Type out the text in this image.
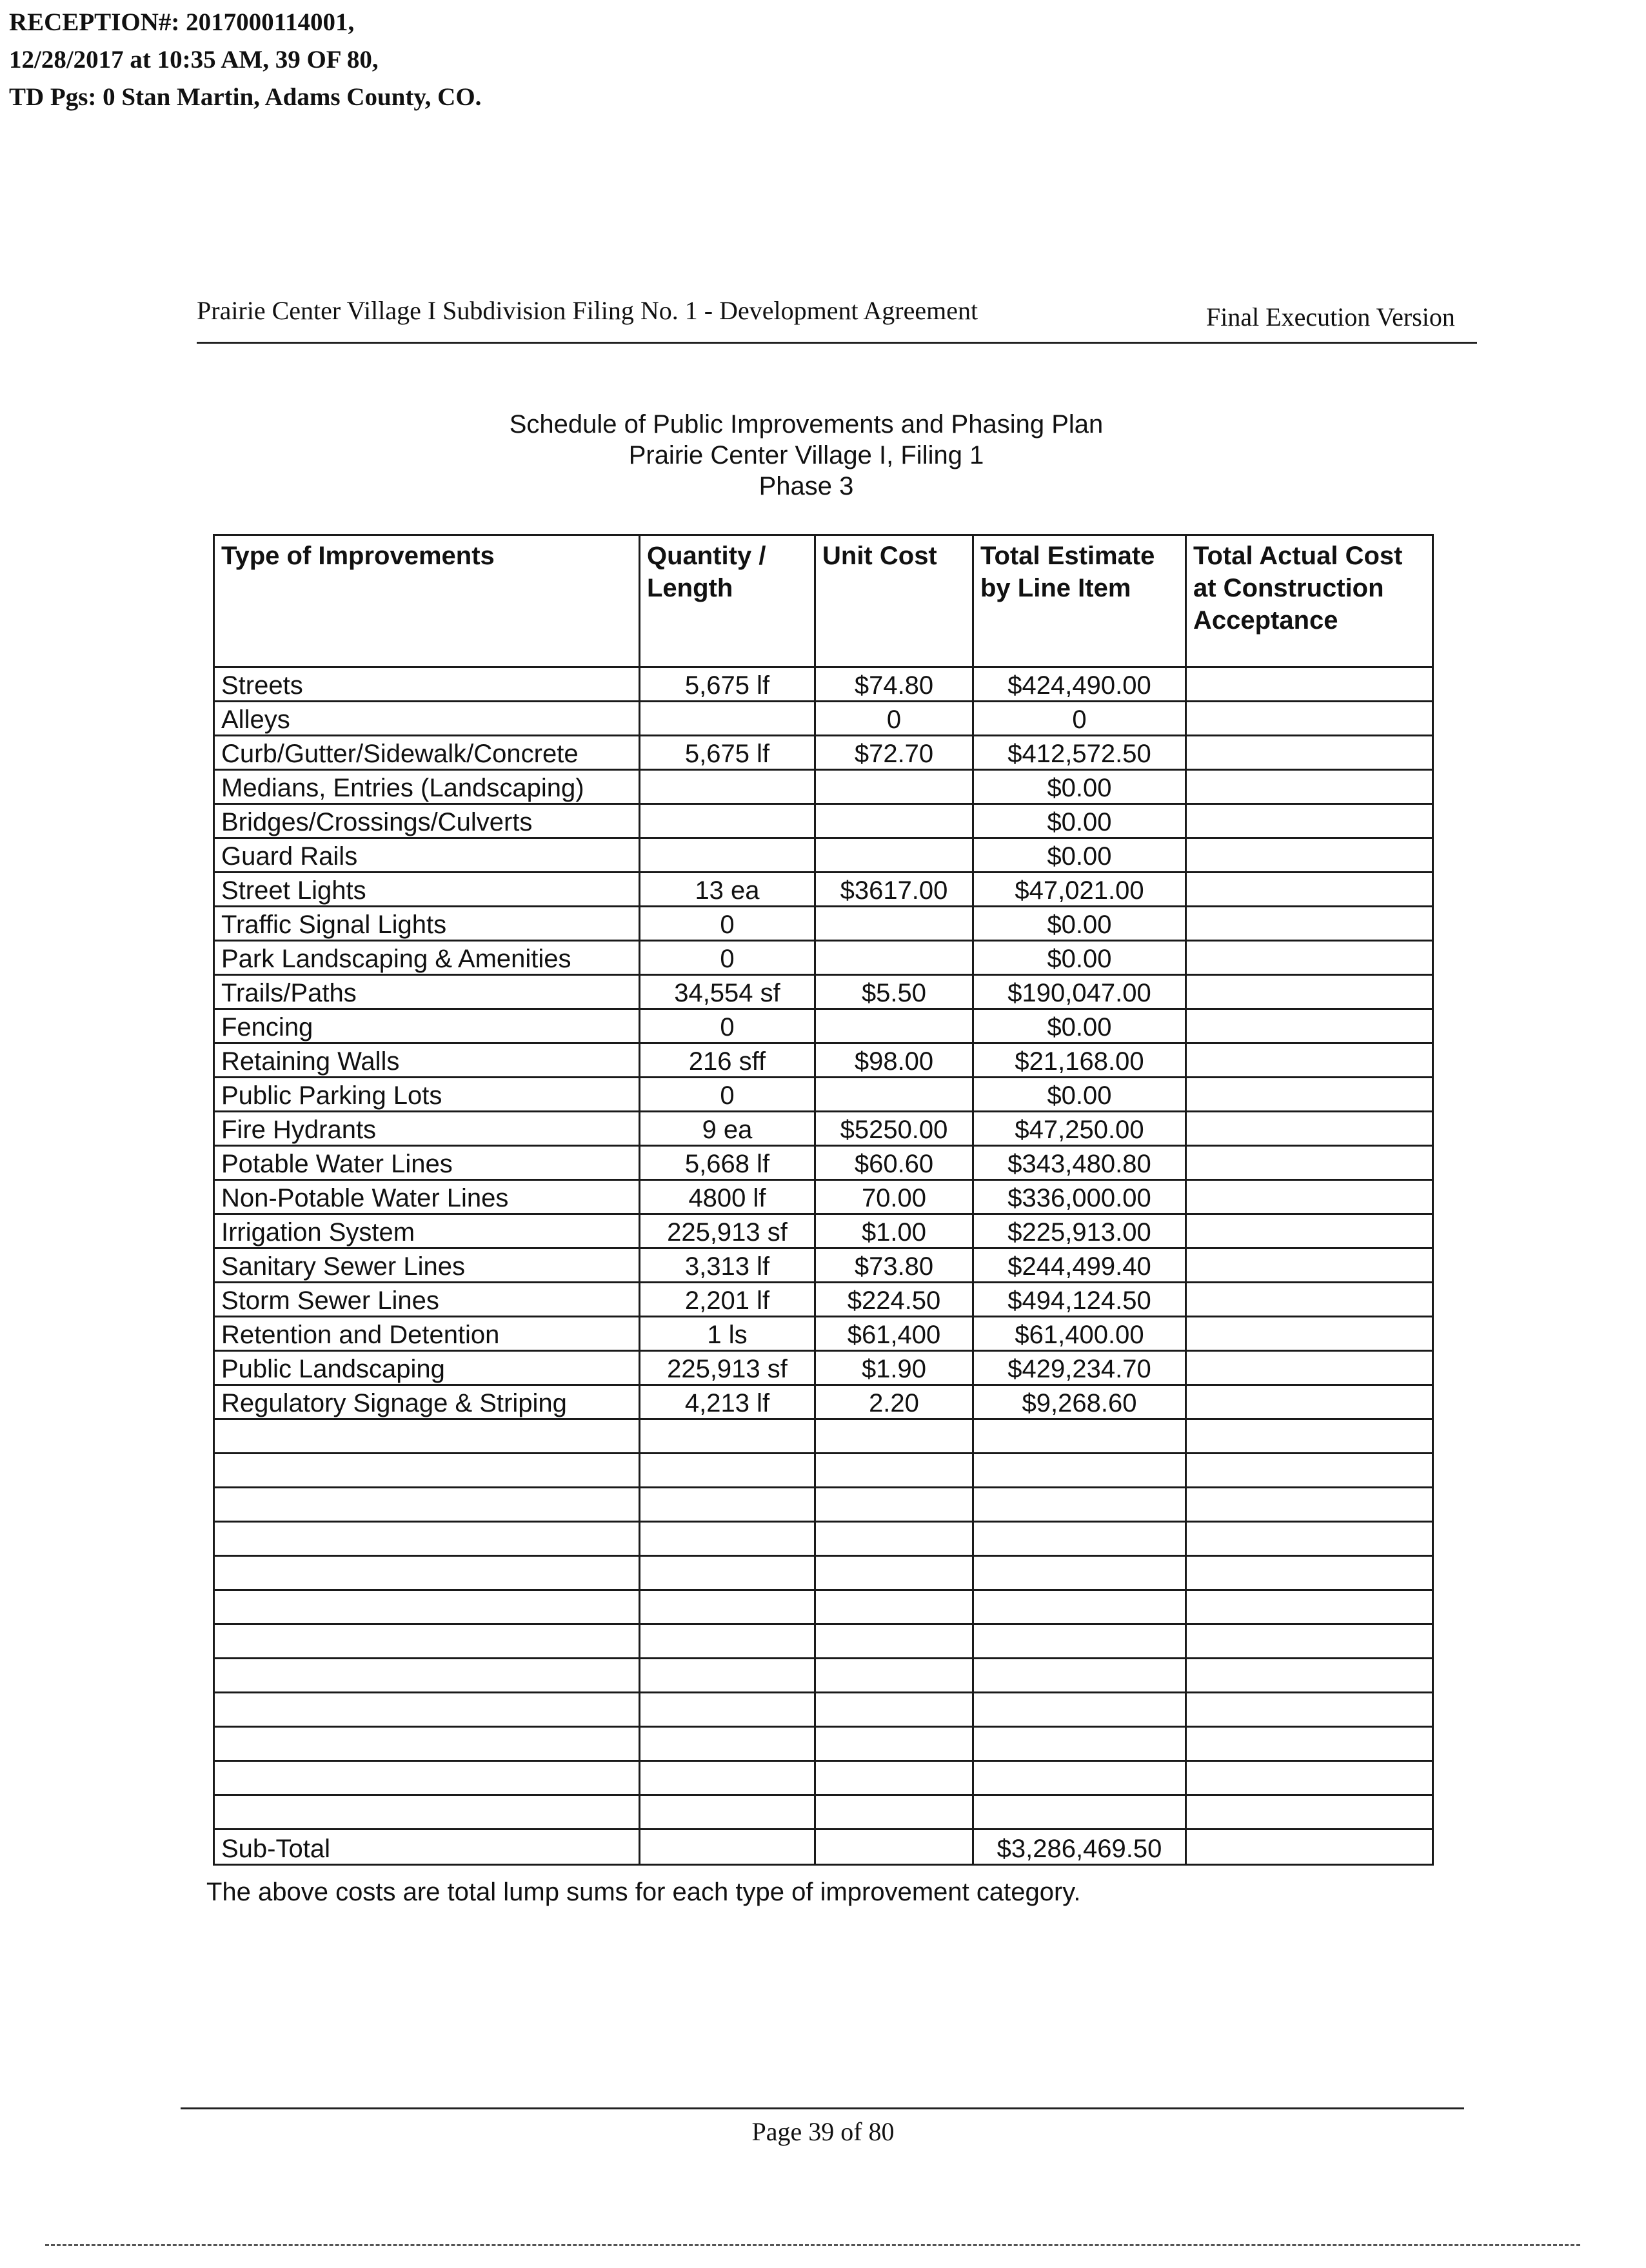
RECEPTION#: 2017000114001,
12/28/2017 at 10:35 AM, 39 OF 80,
TD Pgs: 0 Stan Martin, Adams County, CO.
Prairie Center Village I Subdivision Filing No. 1 - Development Agreement	Final Execution Version
Schedule of Public Improvements and Phasing Plan
Prairie Center Village I, Filing 1
Phase 3
Type of Improvements	Quantity / Length	Unit Cost	Total Estimate by Line Item	Total Actual Cost at Construction Acceptance
Streets	5,675 lf	$74.80	$424,490.00	
Alleys		0	0	
Curb/Gutter/Sidewalk/Concrete	5,675 lf	$72.70	$412,572.50	
Medians, Entries (Landscaping)			$0.00	
Bridges/Crossings/Culverts			$0.00	
Guard Rails			$0.00	
Street Lights	13 ea	$3617.00	$47,021.00	
Traffic Signal Lights	0		$0.00	
Park Landscaping & Amenities	0		$0.00	
Trails/Paths	34,554 sf	$5.50	$190,047.00	
Fencing	0		$0.00	
Retaining Walls	216 sff	$98.00	$21,168.00	
Public Parking Lots	0		$0.00	
Fire Hydrants	9 ea	$5250.00	$47,250.00	
Potable Water Lines	5,668 lf	$60.60	$343,480.80	
Non-Potable Water Lines	4800 lf	70.00	$336,000.00	
Irrigation System	225,913 sf	$1.00	$225,913.00	
Sanitary Sewer Lines	3,313 lf	$73.80	$244,499.40	
Storm Sewer Lines	2,201 lf	$224.50	$494,124.50	
Retention and Detention	1 ls	$61,400	$61,400.00	
Public Landscaping	225,913 sf	$1.90	$429,234.70	
Regulatory Signage & Striping	4,213 lf	2.20	$9,268.60	

Sub-Total			$3,286,469.50	
The above costs are total lump sums for each type of improvement category.
Page 39 of 80
